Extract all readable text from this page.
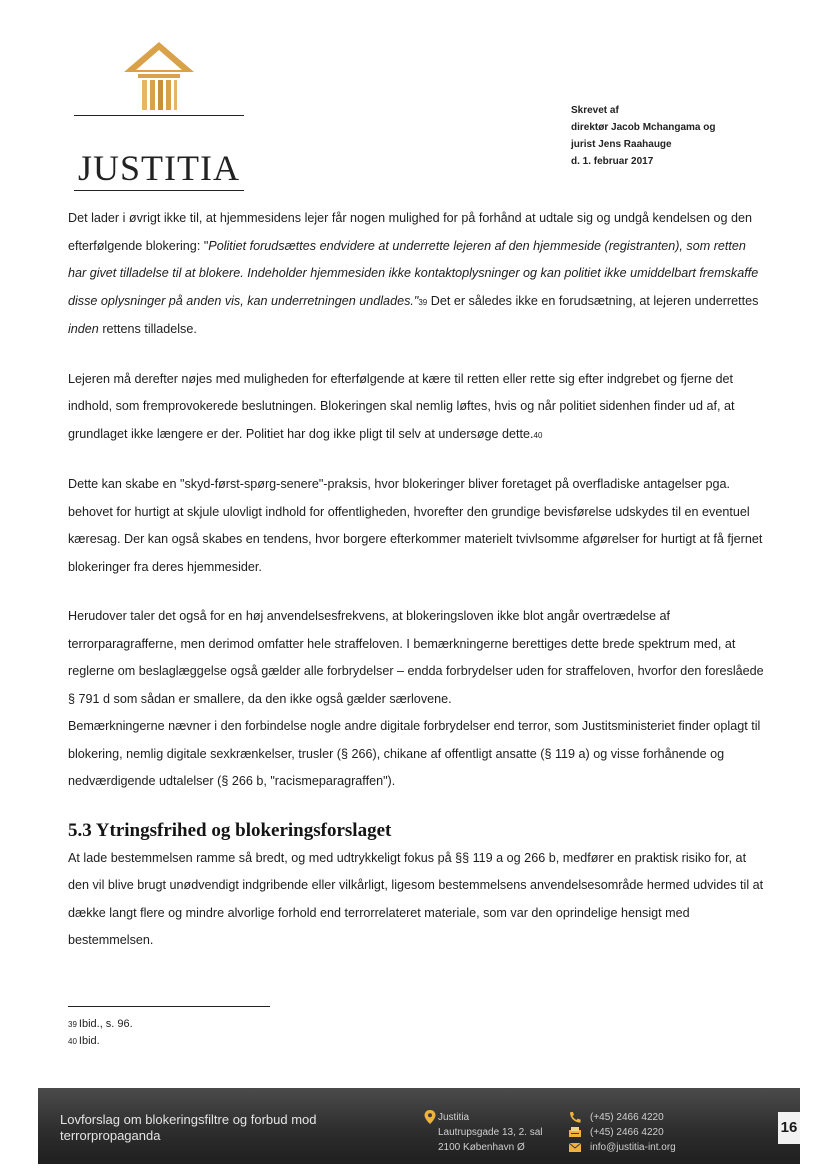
JUSTITIA
Skrevet af
direktør Jacob Mchangama og
jurist Jens Raahauge
d. 1. februar 2017

Det lader i øvrigt ikke til, at hjemmesidens lejer får nogen mulighed for på forhånd at udtale sig og undgå kendelsen og den efterfølgende blokering: "Politiet forudsættes endvidere at underrette lejeren af den hjemmeside (registranten), som retten har givet tilladelse til at blokere. Indeholder hjemmesiden ikke kontaktoplysninger og kan politiet ikke umiddelbart fremskaffe disse oplysninger på anden vis, kan underretningen undlades."39 Det er således ikke en forudsætning, at lejeren underrettes inden rettens tilladelse.

Lejeren må derefter nøjes med muligheden for efterfølgende at kære til retten eller rette sig efter indgrebet og fjerne det indhold, som fremprovokerede beslutningen. Blokeringen skal nemlig løftes, hvis og når politiet sidenhen finder ud af, at grundlaget ikke længere er der. Politiet har dog ikke pligt til selv at undersøge dette.40

Dette kan skabe en "skyd-først-spørg-senere"-praksis, hvor blokeringer bliver foretaget på overfladiske antagelser pga. behovet for hurtigt at skjule ulovligt indhold for offentligheden, hvorefter den grundige bevisførelse udskydes til en eventuel kæresag. Der kan også skabes en tendens, hvor borgere efterkommer materielt tvivlsomme afgørelser for hurtigt at få fjernet blokeringer fra deres hjemmesider.

Herudover taler det også for en høj anvendelsesfrekvens, at blokeringsloven ikke blot angår overtrædelse af terrorparagrafferne, men derimod omfatter hele straffeloven. I bemærkningerne berettiges dette brede spektrum med, at reglerne om beslaglæggelse også gælder alle forbrydelser – endda forbrydelser uden for straffeloven, hvorfor den foreslåede § 791 d som sådan er smallere, da den ikke også gælder særlovene.

Bemærkningerne nævner i den forbindelse nogle andre digitale forbrydelser end terror, som Justitsministeriet finder oplagt til blokering, nemlig digitale sexkrænkelser, trusler (§ 266), chikane af offentligt ansatte (§ 119 a) og visse forhånende og nedværdigende udtalelser (§ 266 b, "racismeparagraffen").

5.3 Ytringsfrihed og blokeringsforslaget

At lade bestemmelsen ramme så bredt, og med udtrykkeligt fokus på §§ 119 a og 266 b, medfører en praktisk risiko for, at den vil blive brugt unødvendigt indgribende eller vilkårligt, ligesom bestemmelsens anvendelsesområde hermed udvides til at dække langt flere og mindre alvorlige forhold end terrorrelateret materiale, som var den oprindelige hensigt med bestemmelsen.

39 Ibid., s. 96.
40 Ibid.
Lovforslag om blokeringsfiltre og forbud mod
terrorpropaganda
Justitia
Lautrupsgade 13, 2. sal
2100 København Ø
(+45) 2466 4220
(+45) 2466 4220
info@justitia-int.org
16
